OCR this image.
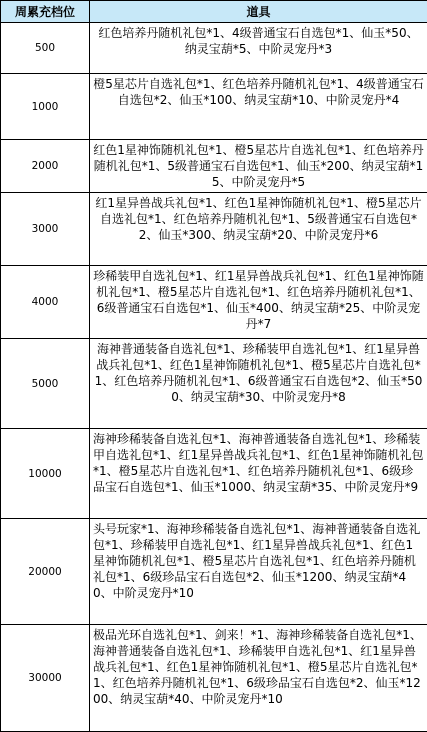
周累充档位	道具
500	红色培养丹随机礼包*1、4级普通宝石自选包*1、仙玉*50、纳灵宝葫*5、中阶灵宠丹*3
1000	橙5星芯片自选礼包*1、红色培养丹随机礼包*1、4级普通宝石自选包*2、仙玉*100、纳灵宝葫*10、中阶灵宠丹*4
2000	红色1星神饰随机礼包*1、橙5星芯片自选礼包*1、红色培养丹随机礼包*1、5级普通宝石自选包*1、仙玉*200、纳灵宝葫*15、中阶灵宠丹*5
3000	红1星异兽战兵礼包*1、红色1星神饰随机礼包*1、橙5星芯片自选礼包*1、红色培养丹随机礼包*1、5级普通宝石自选包*2、仙玉*300、纳灵宝葫*20、中阶灵宠丹*6
4000	珍稀装甲自选礼包*1、红1星异兽战兵礼包*1、红色1星神饰随机礼包*1、橙5星芯片自选礼包*1、红色培养丹随机礼包*1、6级普通宝石自选包*1、仙玉*400、纳灵宝葫*25、中阶灵宠丹*7
5000	海神普通装备自选礼包*1、珍稀装甲自选礼包*1、红1星异兽战兵礼包*1、红色1星神饰随机礼包*1、橙5星芯片自选礼包*1、红色培养丹随机礼包*1、6级普通宝石自选包*2、仙玉*500、纳灵宝葫*30、中阶灵宠丹*8
10000	海神珍稀装备自选礼包*1、海神普通装备自选礼包*1、珍稀装甲自选礼包*1、红1星异兽战兵礼包*1、红色1星神饰随机礼包*1、橙5星芯片自选礼包*1、红色培养丹随机礼包*1、6级珍品宝石自选包*1、仙玉*1000、纳灵宝葫*35、中阶灵宠丹*9
20000	头号玩家*1、海神珍稀装备自选礼包*1、海神普通装备自选礼包*1、珍稀装甲自选礼包*1、红1星异兽战兵礼包*1、红色1星神饰随机礼包*1、橙5星芯片自选礼包*1、红色培养丹随机礼包*1、6级珍品宝石自选包*2、仙玉*1200、纳灵宝葫*40、中阶灵宠丹*10
30000	极品光环自选礼包*1、剑来！*1、海神珍稀装备自选礼包*1、海神普通装备自选礼包*1、珍稀装甲自选礼包*1、红1星异兽战兵礼包*1、红色1星神饰随机礼包*1、橙5星芯片自选礼包*1、红色培养丹随机礼包*1、6级珍品宝石自选包*2、仙玉*1200、纳灵宝葫*40、中阶灵宠丹*10
